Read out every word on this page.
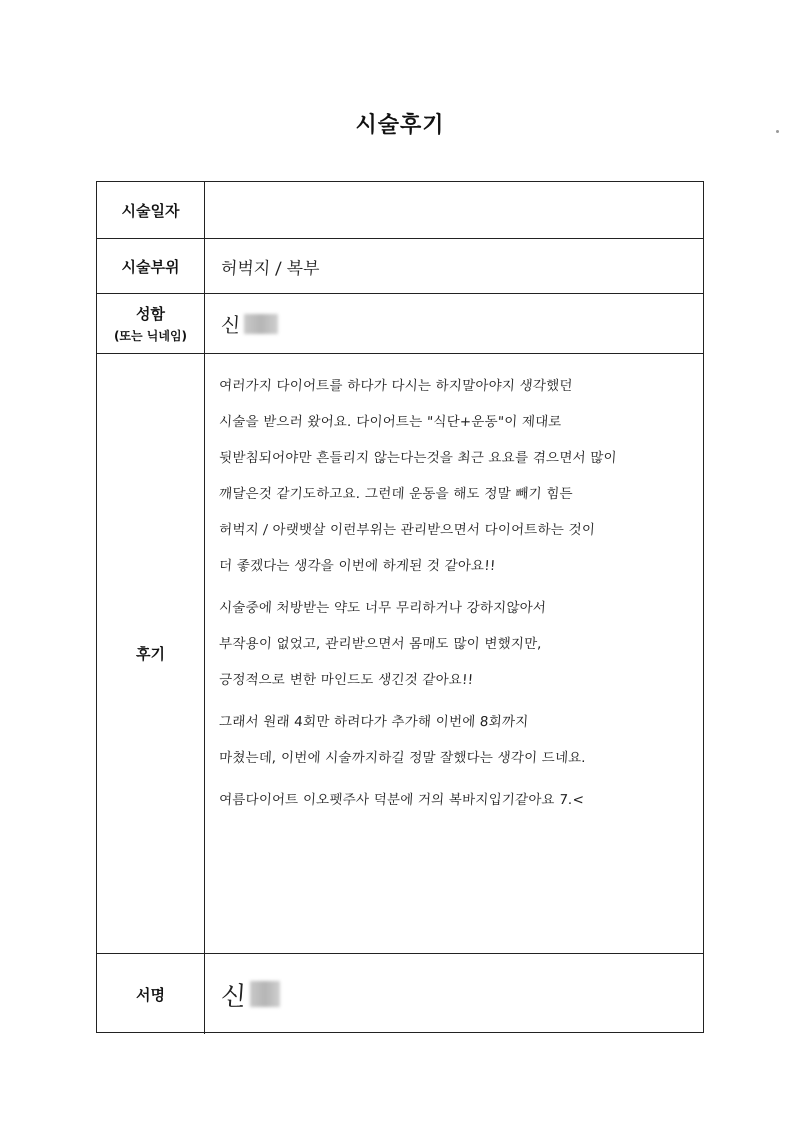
시술후기
시술일자
시술부위 허벅지 / 복부
성함
(또는 닉네임) 신
후기
여러가지 다이어트를 하다가 다시는 하지말아야지 생각했던
시술을 받으러 왔어요. 다이어트는 "식단+운동"이 제대로
뒷받침되어야만 흔들리지 않는다는것을 최근 요요를 겪으면서 많이
깨달은것 같기도하고요. 그런데 운동을 해도 정말 빼기 힘든
허벅지 / 아랫뱃살 이런부위는 관리받으면서 다이어트하는 것이
더 좋겠다는 생각을 이번에 하게된 것 같아요!!
시술중에 처방받는 약도 너무 무리하거나 강하지않아서
부작용이 없었고, 관리받으면서 몸매도 많이 변했지만,
긍정적으로 변한 마인드도 생긴것 같아요!!
그래서 원래 4회만 하려다가 추가해 이번에 8회까지
마쳤는데, 이번에 시술까지하길 정말 잘했다는 생각이 드네요.
여름다이어트 이오펫주사 덕분에 거의 복바지입기같아요 7.<
서명 신
